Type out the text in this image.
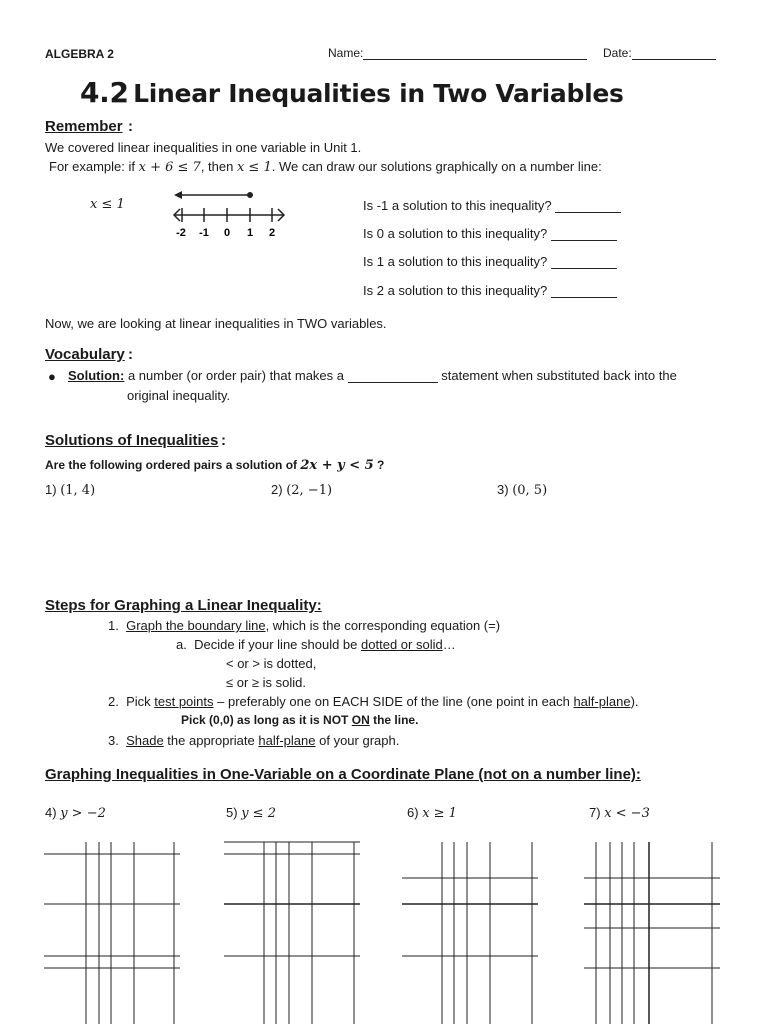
ALGEBRA 2	Name:	Date:
4.2 Linear Inequalities in Two Variables
Remember :
We covered linear inequalities in one variable in Unit 1.
For example: if x + 6 ≤ 7, then x ≤ 1. We can draw our solutions graphically on a number line:
x ≤ 1
-2 -1 0 1 2
Is -1 a solution to this inequality?
Is 0 a solution to this inequality?
Is 1 a solution to this inequality?
Is 2 a solution to this inequality?
Now, we are looking at linear inequalities in TWO variables.
Vocabulary :
● Solution: a number (or order pair) that makes a	statement when substituted back into the
original inequality.
Solutions of Inequalities :
Are the following ordered pairs a solution of 2x + y < 5 ?
1) (1, 4)	2) (2, −1)	3) (0, 5)
Steps for Graphing a Linear Inequality:
1. Graph the boundary line, which is the corresponding equation (=)
a. Decide if your line should be dotted or solid…
< or > is dotted,
≤ or ≥ is solid.
2. Pick test points – preferably one on EACH SIDE of the line (one point in each half-plane).
Pick (0,0) as long as it is NOT ON the line.
3. Shade the appropriate half-plane of your graph.
Graphing Inequalities in One-Variable on a Coordinate Plane (not on a number line):
4) y > −2	5) y ≤ 2	6) x ≥ 1	7) x < −3
